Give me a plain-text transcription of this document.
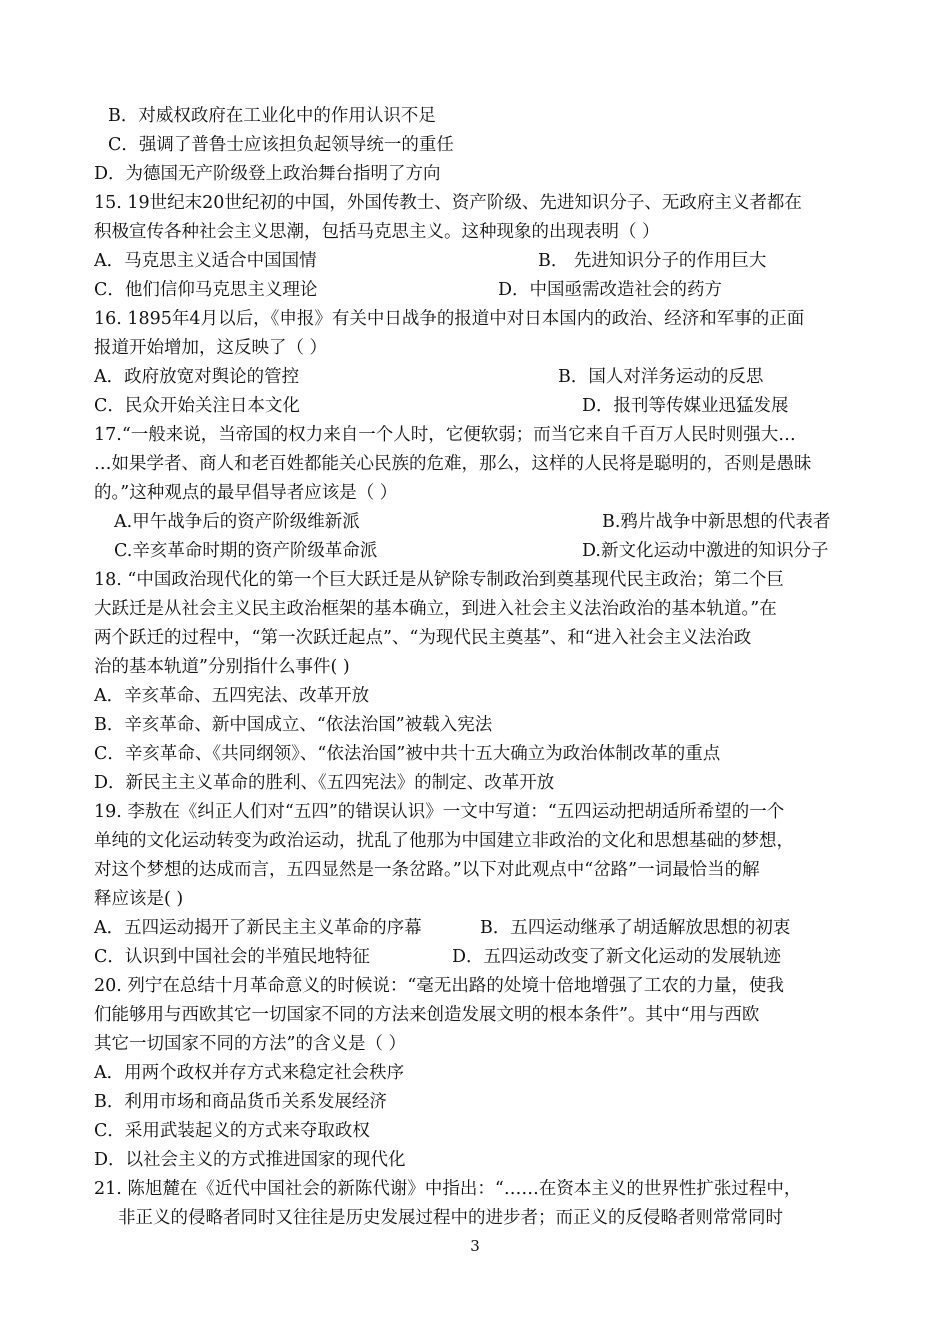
B．对威权政府在工业化中的作用认识不足
C．强调了普鲁士应该担负起领导统一的重任
D．为德国无产阶级登上政治舞台指明了方向
15. 19世纪末20世纪初的中国，外国传教士、资产阶级、先进知识分子、无政府主义者都在
积极宣传各种社会主义思潮，包括马克思主义。这种现象的出现表明（ ）
A．马克思主义适合中国国情	B． 先进知识分子的作用巨大
C．他们信仰马克思主义理论	D．中国亟需改造社会的药方
16. 1895年4月以后，《申报》有关中日战争的报道中对日本国内的政治、经济和军事的正面
报道开始增加，这反映了（ ）
A．政府放宽对舆论的管控	B．国人对洋务运动的反思
C．民众开始关注日本文化	D．报刊等传媒业迅猛发展
17.“一般来说，当帝国的权力来自一个人时，它便软弱；而当它来自千百万人民时则强大…
…如果学者、商人和老百姓都能关心民族的危难，那么，这样的人民将是聪明的，否则是愚昧
的。”这种观点的最早倡导者应该是（ ）
A.甲午战争后的资产阶级维新派	B.鸦片战争中新思想的代表者
C.辛亥革命时期的资产阶级革命派	D.新文化运动中激进的知识分子
18. “中国政治现代化的第一个巨大跃迁是从铲除专制政治到奠基现代民主政治；第二个巨
大跃迁是从社会主义民主政治框架的基本确立，到进入社会主义法治政治的基本轨道。”在
两个跃迁的过程中，“第一次跃迁起点”、“为现代民主奠基”、和“进入社会主义法治政
治的基本轨道”分别指什么事件( )
A．辛亥革命、五四宪法、改革开放
B．辛亥革命、新中国成立、“依法治国”被载入宪法
C．辛亥革命、《共同纲领》、“依法治国”被中共十五大确立为政治体制改革的重点
D．新民主主义革命的胜利、《五四宪法》的制定、改革开放
19. 李敖在《纠正人们对“五四”的错误认识》一文中写道：“五四运动把胡适所希望的一个
单纯的文化运动转变为政治运动，扰乱了他那为中国建立非政治的文化和思想基础的梦想，
对这个梦想的达成而言，五四显然是一条岔路。”以下对此观点中“岔路”一词最恰当的解
释应该是( )
A．五四运动揭开了新民主主义革命的序幕	B．五四运动继承了胡适解放思想的初衷
C．认识到中国社会的半殖民地特征	D．五四运动改变了新文化运动的发展轨迹
20. 列宁在总结十月革命意义的时候说：“毫无出路的处境十倍地增强了工农的力量，使我
们能够用与西欧其它一切国家不同的方法来创造发展文明的根本条件”。其中“用与西欧
其它一切国家不同的方法”的含义是（ ）
A．用两个政权并存方式来稳定社会秩序
B．利用市场和商品货币关系发展经济
C．采用武装起义的方式来夺取政权
D．以社会主义的方式推进国家的现代化
21. 陈旭麓在《近代中国社会的新陈代谢》中指出：“……在资本主义的世界性扩张过程中，
非正义的侵略者同时又往往是历史发展过程中的进步者；而正义的反侵略者则常常同时
3
